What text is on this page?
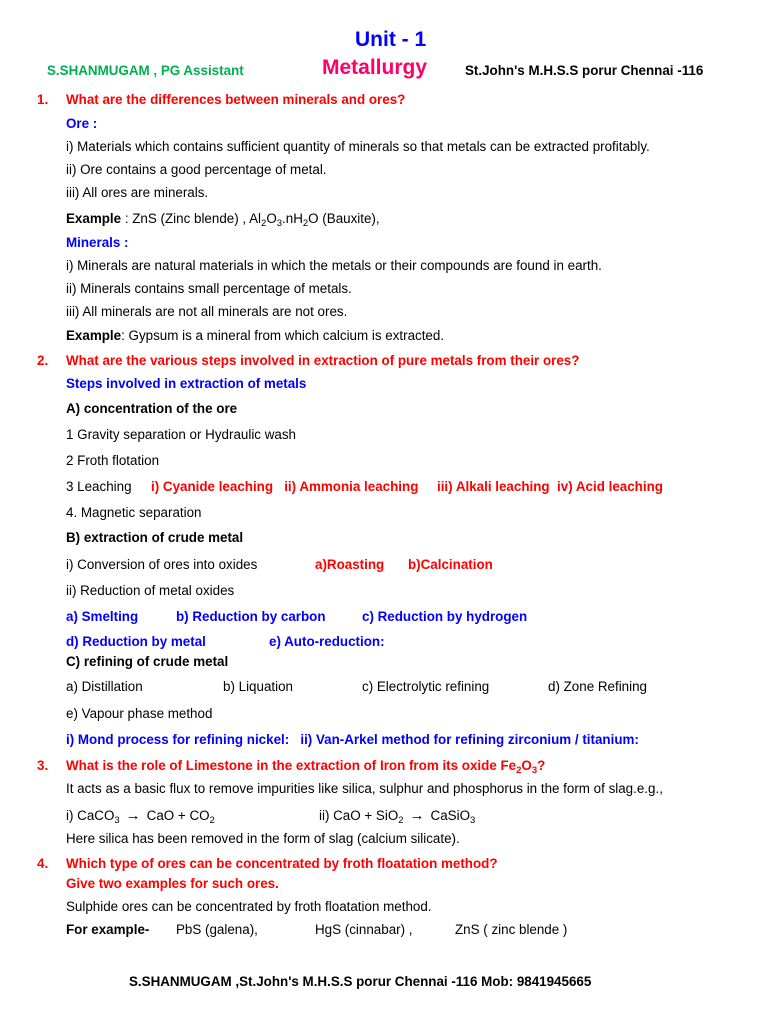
Unit - 1
S.SHANMUGAM , PG Assistant	Metallurgy	St.John's M.H.S.S porur Chennai -116
1. What are the differences between minerals and ores?
Ore :
i) Materials which contains sufficient quantity of minerals so that metals can be extracted profitably.
ii) Ore contains a good percentage of metal.
iii) All ores are minerals.
Example : ZnS (Zinc blende) , $Al_2O_3.nH_2O$ (Bauxite),
Minerals :
i) Minerals are natural materials in which the metals or their compounds are found in earth.
ii) Minerals contains small percentage of metals.
iii) All minerals are not all minerals are not ores.
Example: Gypsum is a mineral from which calcium is extracted.
2. What are the various steps involved in extraction of pure metals from their ores?
Steps involved in extraction of metals
A) concentration of the ore
1 Gravity separation or Hydraulic wash
2 Froth flotation
3 Leaching i) Cyanide leaching   ii) Ammonia leaching     iii) Alkali leaching  iv) Acid leaching
4. Magnetic separation
B) extraction of crude metal
i) Conversion of ores into oxides	a)Roasting b)Calcination
ii) Reduction of metal oxides
a) Smelting	b) Reduction by carbon	c) Reduction by hydrogen
d) Reduction by metal	e) Auto-reduction:
C) refining of crude metal
a) Distillation	b) Liquation	c) Electrolytic refining	d) Zone Refining
e) Vapour phase method
i) Mond process for refining nickel:   ii) Van-Arkel method for refining zirconium / titanium:
3. What is the role of Limestone in the extraction of Iron from its oxide $Fe_2O_3$?
It acts as a basic flux to remove impurities like silica, sulphur and phosphorus in the form of slag.e.g.,
i) CaCO$_3$ → CaO + $CO_2$	ii) CaO + SiO$_2$ → CaSiO$_3$
Here silica has been removed in the form of slag (calcium silicate).
4. Which type of ores can be concentrated by froth floatation method?
Give two examples for such ores.
Sulphide ores can be concentrated by froth floatation method.
For example- PbS (galena),	HgS (cinnabar) ,	ZnS ( zinc blende )
S.SHANMUGAM ,St.John's M.H.S.S porur Chennai -116 Mob: 9841945665
